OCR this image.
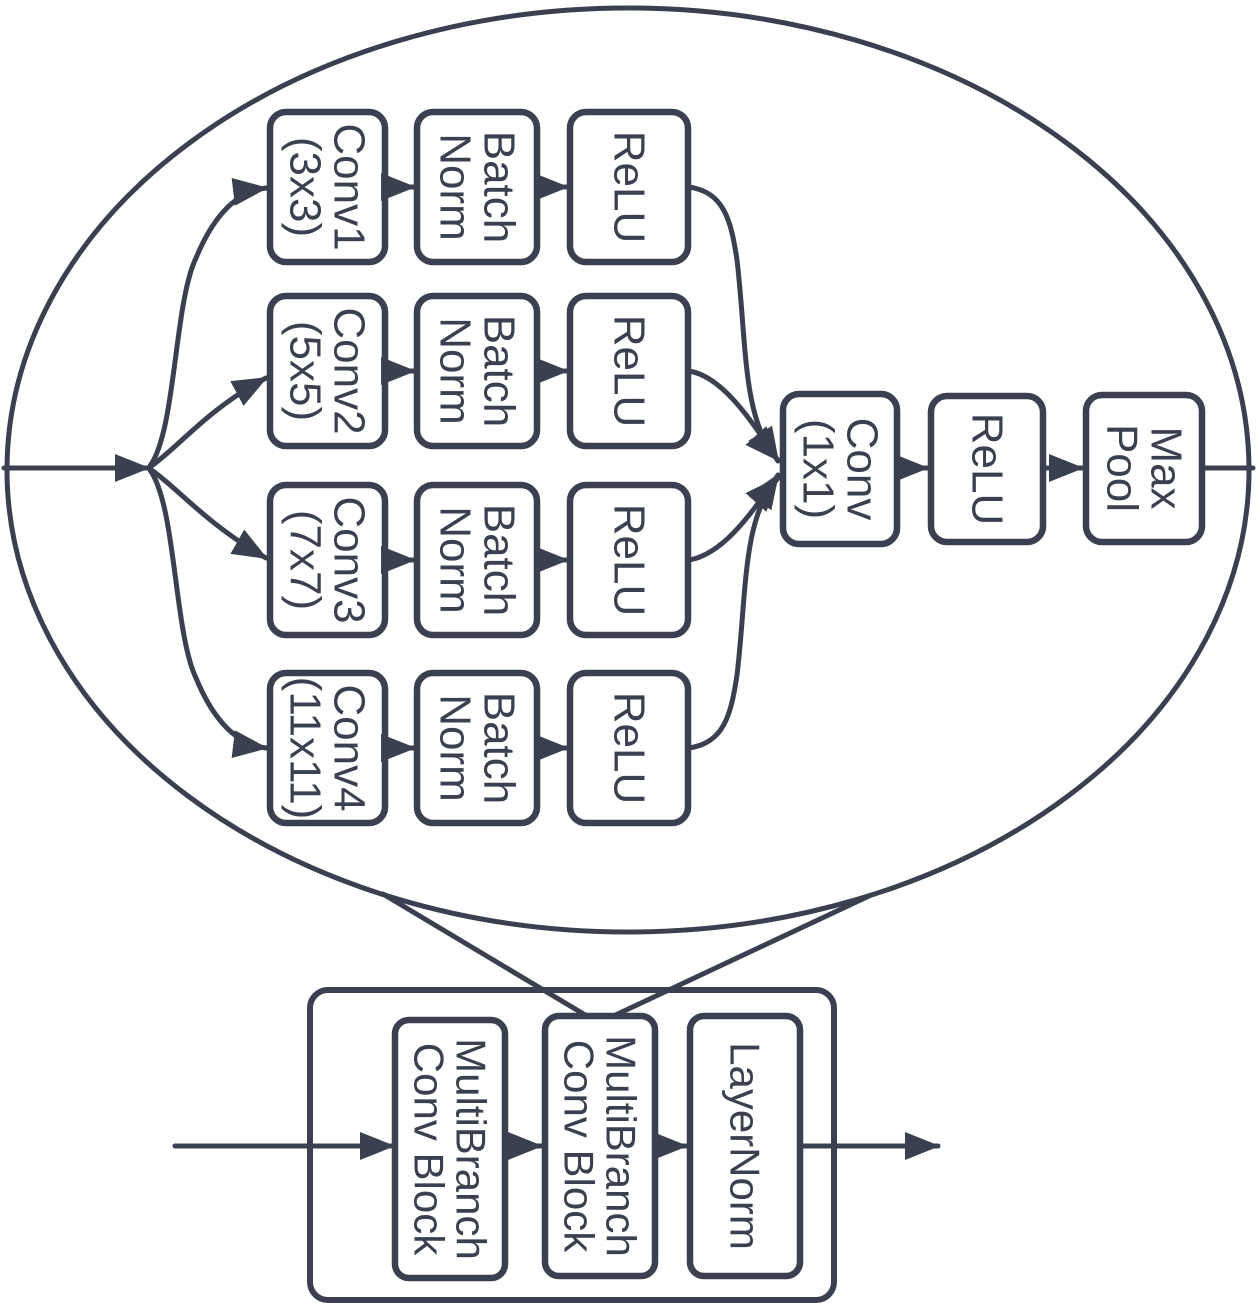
Conv1
(3x3)	Batch
Norm	ReLU
Conv2
(5x5)	Batch
Norm	ReLU
Conv3
(7x7)	Batch
Norm	ReLU
Conv4
(11x11)	Batch
Norm	ReLU
Conv
(1x1)	ReLU	Max
Pool
MultiBranch
Conv Block	MultiBranch
Conv Block	LayerNorm
